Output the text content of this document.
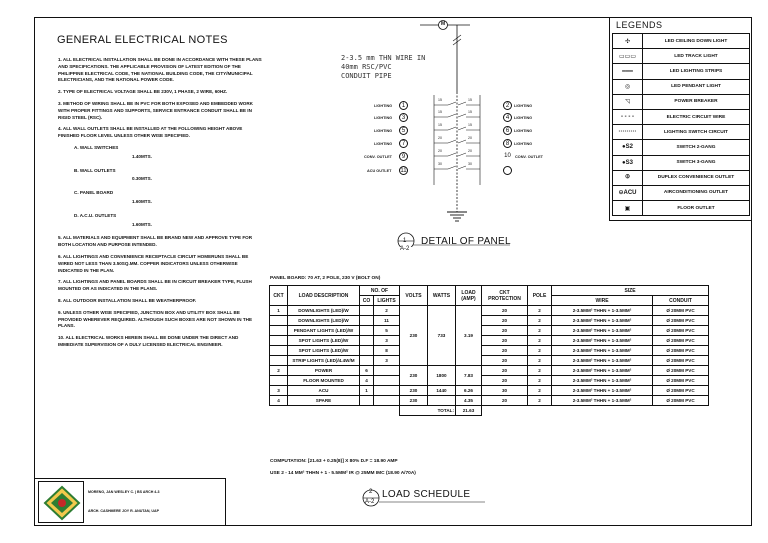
GENERAL ELECTRICAL NOTES

1. ALL ELECTRICAL INSTALLATION SHALL BE DONE IN ACCORDANCE WITH THESE PLANS AND SPECIFICATIONS. THE APPLICABLE PROVISION OF LATEST EDITION OF THE PHILIPPINE ELECTRICAL CODE, THE NATIONAL BUILDING CODE, THE CITY/MUNICIPAL ELECTRICIANS, AND THE NATIONAL POWER CODE.

2. TYPE OF ELECTRICAL VOLTAGE SHALL BE 230V, 1 PHASE, 2 WIRE, 60HZ.

3. METHOD OF WIRING SHALL BE IN PVC FOR BOTH EXPOSED AND EMBEDDED WORK WITH PROPER FITTINGS AND SUPPORTS, SERVICE ENTRANCE CONDUIT SHALL BE IN RIGID STEEL (RSC).

4. ALL WALL OUTLETS SHALL BE INSTALLED AT THE FOLLOWING HEIGHT ABOVE FINISHED FLOOR LEVEL UNLESS OTHER WISE SPECIFIED.

A. WALL SWITCHES
1.40MTS.
B. WALL OUTLETS
0.30MTS.
C. PANEL BOARD
1.60MTS.
D. A.C.U. OUTLETS
1.60MTS.

5. ALL MATERIALS AND EQUIPMENT SHALL BE BRAND NEW AND APPROVE TYPE FOR BOTH LOCATION AND PURPOSE INTENDED.

6. ALL LIGHTINGS AND CONVENIENCE RECEPTACLE CIRCUIT HOMERUNS SHALL BE WIRED NOT LESS THAN 3.50SQ.MM. COPPER INDICATORS UNLESS OTHERWISE INDICATED IN THE PLAN.

7. ALL LIGHTINGS AND PANEL BOARDS SHALL BE IN CIRCUIT BREAKER TYPE, FLUSH MOUNTED OR AS INDICATED IN THE PLANS.

8. ALL OUTDOOR INSTALLATION SHALL BE WEATHERPROOF.

9. UNLESS OTHER WISE SPECIFIED, JUNCTION BOX AND UTILITY BOX SHALL BE PROVIDED WHEREVER REQUIRED. ALTHOUGH SUCH BOXES ARE NOT SHOWN IN THE PLANS.

10. ALL ELECTRICAL WORKS HEREIN SHALL BE DONE UNDER THE DIRECT AND IMMEDIATE SUPERVISION OF A DULY LICENSED ELECTRICAL ENGINEER.

LEGENDS
✣	LED CEILING DOWN LIGHT
▭▭▭	LED TRACK LIGHT
━━━	LED LIGHTING STRIPS
◎	LED PENDANT LIGHT
◹	POWER BREAKER
- - - -	ELECTRIC CIRCUIT WIRE
·········	LIGHTING SWITCH CIRCUIT
●S2	SWITCH 2-GANG
●S3	SWITCH 3-GANG
⦶	DUPLEX CONVENIENCE OUTLET
⊖ACU	AIRCONDITIONING OUTLET
▣	FLOOR OUTLET
15	15
15	15
15	15
20	20
20	20
30	30
2-3.5 mm THN WIRE IN
40mm RSC/PVC
CONDUIT PIPE
M
LIGHTING	1
LIGHTING	3
LIGHTING	5
LIGHTING	7
CONV. OUTLET	9
ACU OUTLET 11
2	LIGHTING
4	LIGHTING
6	LIGHTING
8	LIGHTING
10	CONV. OUTLET
1
A-2
DETAIL OF PANEL
PANEL BOARD: 70 AT, 2 POLE, 230 V (BOLT ON)
CKT	LOAD DESCRIPTION	NO. OF		VOLTS	WATTS	LOAD (AMP)	CKT PROTECTION	POLE	SIZE	
		CO	LIGHTS						WIRE	CONDUIT
1	DOWNLIGHTS (LED)/W		2	230	733	3.19	20	2	2-3.5MM² THHN + 1-3.5MM²	Ø 20MM PVC
	DOWNLIGHTS (LED)/W		11				20	2	2-3.5MM² THHN + 1-3.5MM²	Ø 20MM PVC
	PENDANT LIGHTS (LED)/W		5				20	2	2-3.5MM² THHN + 1-3.5MM²	Ø 20MM PVC
	SPOT LIGHTS (LED)/W		3				20	2	2-3.5MM² THHN + 1-3.5MM²	Ø 20MM PVC
	SPOT LIGHTS (LED)/W		8				20	2	2-3.5MM² THHN + 1-3.5MM²	Ø 20MM PVC
	STRIP LIGHTS (LED)/4.4W/M		3				20	2	2-3.5MM² THHN + 1-3.5MM²	Ø 20MM PVC
2	POWER	6		230	1800	7.83	20	2	2-3.5MM² THHN + 1-3.5MM²	Ø 20MM PVC
	FLOOR MOUNTED	4					20	2	2-3.5MM² THHN + 1-3.5MM²	Ø 20MM PVC
3	ACU	1		230	1440	6.26	30	2	2-3.5MM² THHN + 1-3.5MM²	Ø 20MM PVC
4	SPARE			230		4.35	20	2	2-3.5MM² THHN + 1-3.5MM²	Ø 20MM PVC
				TOTAL:		21.63				
COMPUTATION: [21.63 + 0.25(8)] X 80% D.F = 18.90 AMP
USE 2 - 14 MM² THHN + 1 - 5.5MM² IR @ 25MM IMC (18.90 A/70A)
2
A-2
LOAD SCHEDULE
MORENO, JAN WESLEY C. | BS ARCH 4-3
ARCH. CASHMERE JOY R. ANUTAN, UAP
